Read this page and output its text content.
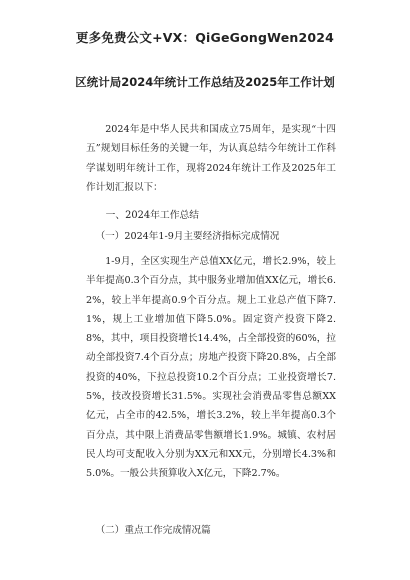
更多免费公文+VX：QiGeGongWen2024
区统计局2024年统计工作总结及2025年工作计划

2024年是中华人民共和国成立75周年，是实现“十四五”规划目标任务的关键一年，为认真总结今年统计工作科学谋划明年统计工作，现将2024年统计工作及2025年工作计划汇报以下：

一、2024年工作总结

（一）2024年1-9月主要经济指标完成情况

1-9月，全区实现生产总值XX亿元，增长2.9%，较上半年提高0.3个百分点，其中服务业增加值XX亿元，增长6.2%，较上半年提高0.9个百分点。规上工业总产值下降7.1%，规上工业增加值下降5.0%。固定资产投资下降2.8%，其中，项目投资增长14.4%，占全部投资的60%，拉动全部投资7.4个百分点；房地产投资下降20.8%，占全部投资的40%，下拉总投资10.2个百分点；工业投资增长7.5%，技改投资增长31.5%。实现社会消费品零售总额XX亿元，占全市的42.5%，增长3.2%，较上半年提高0.3个百分点，其中限上消费品零售额增长1.9%。城镇、农村居民人均可支配收入分别为XX元和XX元，分别增长4.3%和5.0%。一般公共预算收入X亿元，下降2.7%。

（二）重点工作完成情况篇
